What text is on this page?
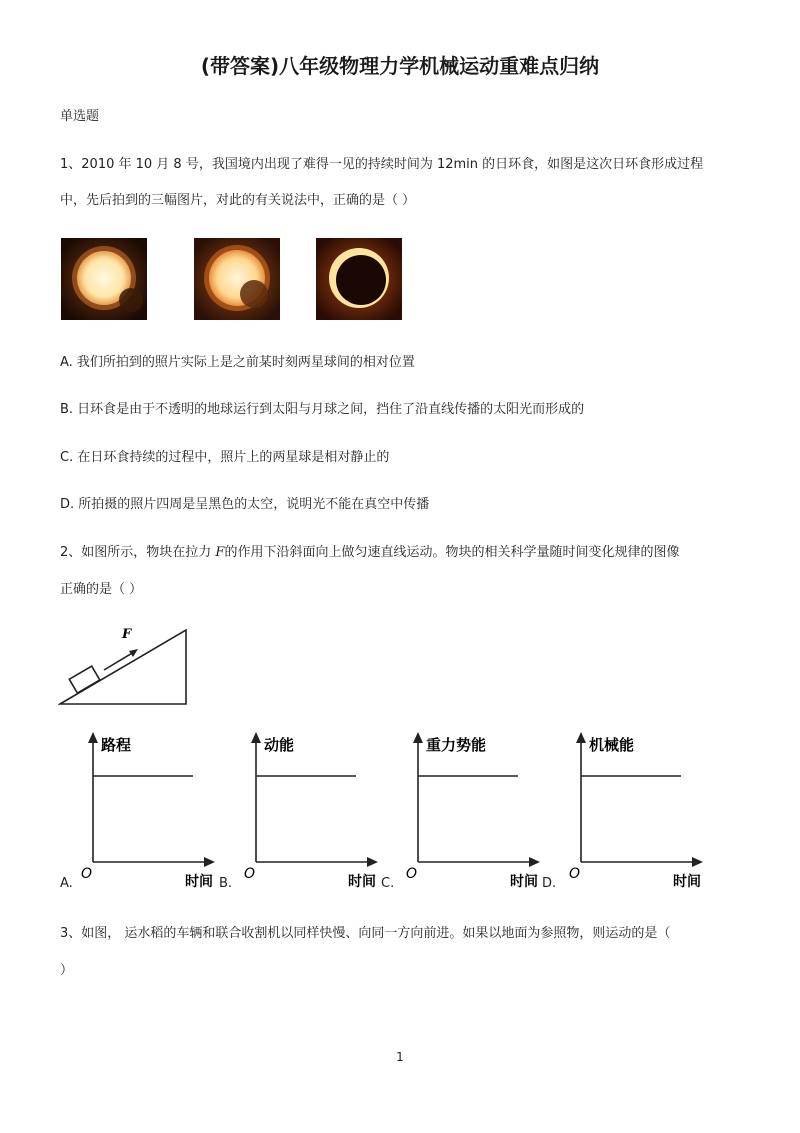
(带答案)八年级物理力学机械运动重难点归纳
单选题
1、2010 年 10 月 8 号，我国境内出现了难得一见的持续时间为 12min 的日环食，如图是这次日环食形成过程
中，先后拍到的三幅图片，对此的有关说法中，正确的是（ ）
A. 我们所拍到的照片实际上是之前某时刻两星球间的相对位置
B. 日环食是由于不透明的地球运行到太阳与月球之间，挡住了沿直线传播的太阳光而形成的
C. 在日环食持续的过程中，照片上的两星球是相对静止的
D. 所拍摄的照片四周是呈黑色的太空，说明光不能在真空中传播
2、如图所示，物块在拉力 F的作用下沿斜面向上做匀速直线运动。物块的相关科学量随时间变化规律的图像
正确的是（ ）
F
路程
O	时间
动能
O	时间
重力势能
O	时间
机械能
O	时间
A.	B.	C.	D.
3、如图， 运水稻的车辆和联合收割机以同样快慢、向同一方向前进。如果以地面为参照物，则运动的是（
）
1
